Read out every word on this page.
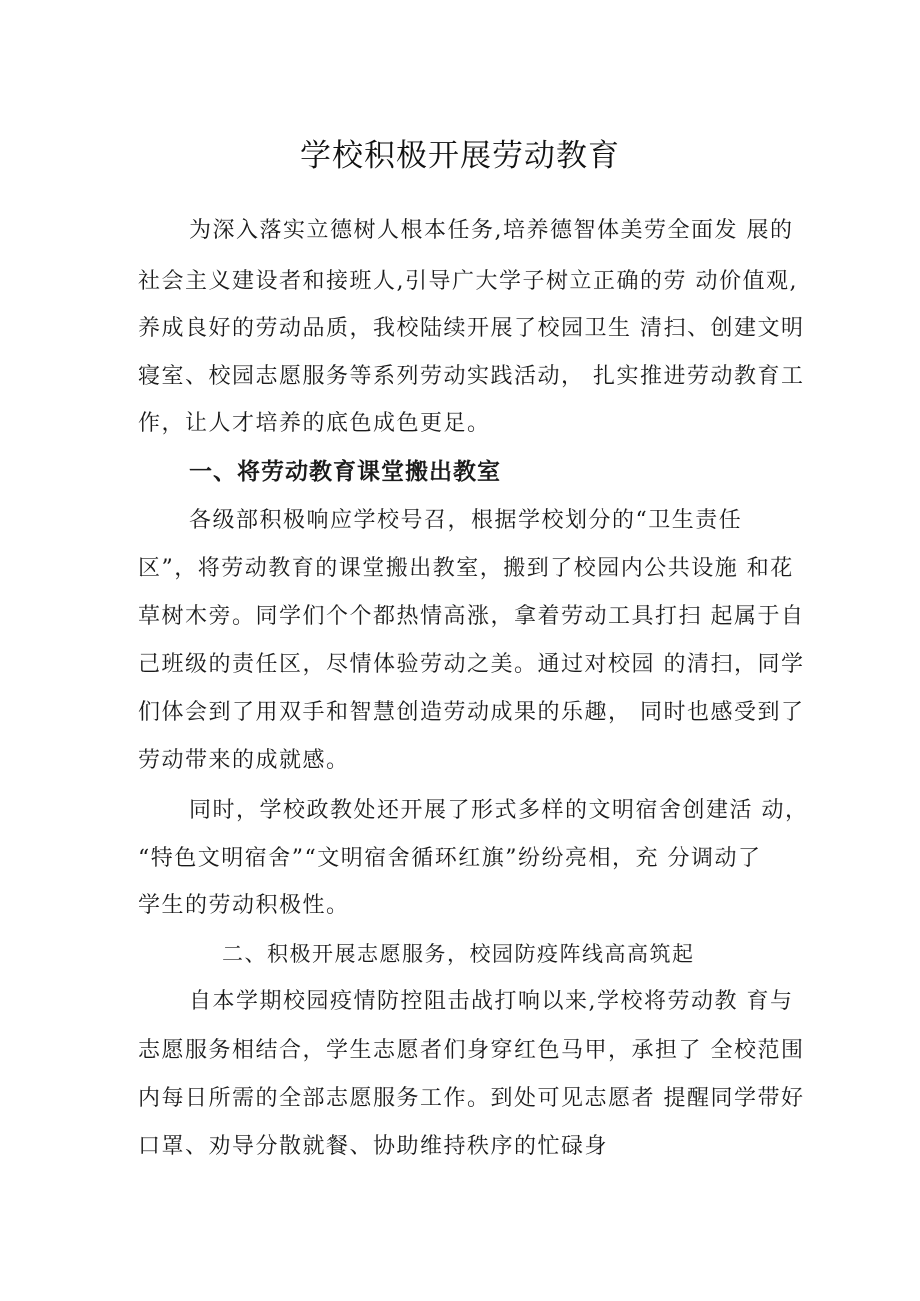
学校积极开展劳动教育
为深入落实立德树人根本任务,培养德智体美劳全面发 展的
社会主义建设者和接班人,引导广大学子树立正确的劳 动价值观,
养成良好的劳动品质，我校陆续开展了校园卫生 清扫、创建文明
寝室、校园志愿服务等系列劳动实践活动， 扎实推进劳动教育工
作，让人才培养的底色成色更足。
一、将劳动教育课堂搬出教室
各级部积极响应学校号召，根据学校划分的“卫生责任
区”，将劳动教育的课堂搬出教室，搬到了校园内公共设施 和花
草树木旁。同学们个个都热情高涨，拿着劳动工具打扫 起属于自
己班级的责任区，尽情体验劳动之美。通过对校园 的清扫，同学
们体会到了用双手和智慧创造劳动成果的乐趣， 同时也感受到了
劳动带来的成就感。
同时，学校政教处还开展了形式多样的文明宿舍创建活 动，
“特色文明宿舍”“文明宿舍循环红旗”纷纷亮相，充 分调动了
学生的劳动积极性。
二、积极开展志愿服务，校园防疫阵线高高筑起
自本学期校园疫情防控阻击战打响以来,学校将劳动教 育与
志愿服务相结合，学生志愿者们身穿红色马甲，承担了 全校范围
内每日所需的全部志愿服务工作。到处可见志愿者 提醒同学带好
口罩、劝导分散就餐、协助维持秩序的忙碌身
